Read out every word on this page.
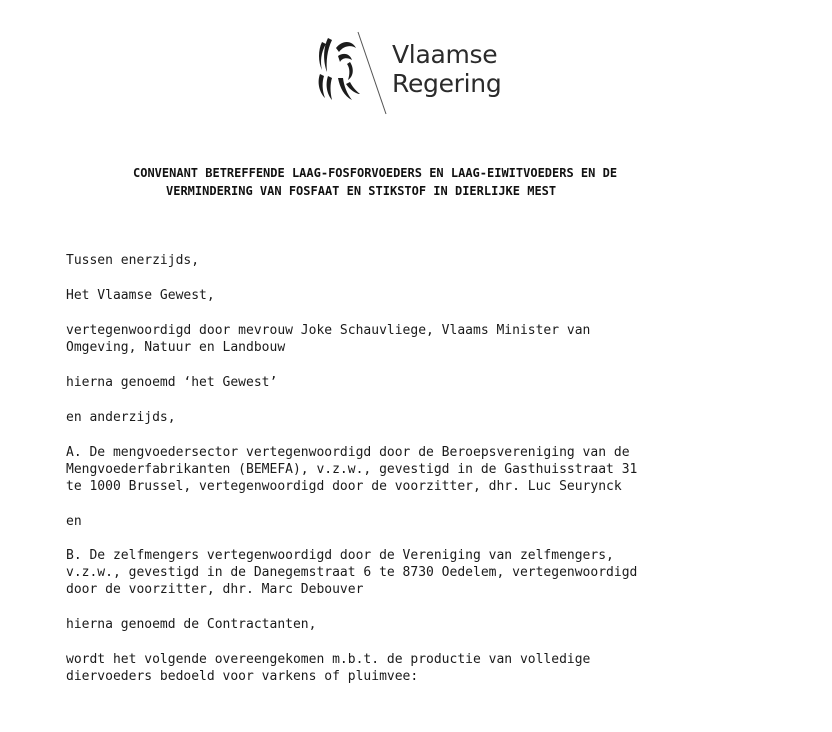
Vlaamse
Regering
CONVENANT BETREFFENDE LAAG-FOSFORVOEDERS EN LAAG-EIWITVOEDERS EN DE
VERMINDERING VAN FOSFAAT EN STIKSTOF IN DIERLIJKE MEST
Tussen enerzijds,
Het Vlaamse Gewest,
vertegenwoordigd door mevrouw Joke Schauvliege, Vlaams Minister van
Omgeving, Natuur en Landbouw
hierna genoemd ‘het Gewest’
en anderzijds,
A. De mengvoedersector vertegenwoordigd door de Beroepsvereniging van de
Mengvoederfabrikanten (BEMEFA), v.z.w., gevestigd in de Gasthuisstraat 31
te 1000 Brussel, vertegenwoordigd door de voorzitter, dhr. Luc Seurynck
en
B. De zelfmengers vertegenwoordigd door de Vereniging van zelfmengers,
v.z.w., gevestigd in de Danegemstraat 6 te 8730 Oedelem, vertegenwoordigd
door de voorzitter, dhr. Marc Debouver
hierna genoemd de Contractanten,
wordt het volgende overeengekomen m.b.t. de productie van volledige
diervoeders bedoeld voor varkens of pluimvee:
